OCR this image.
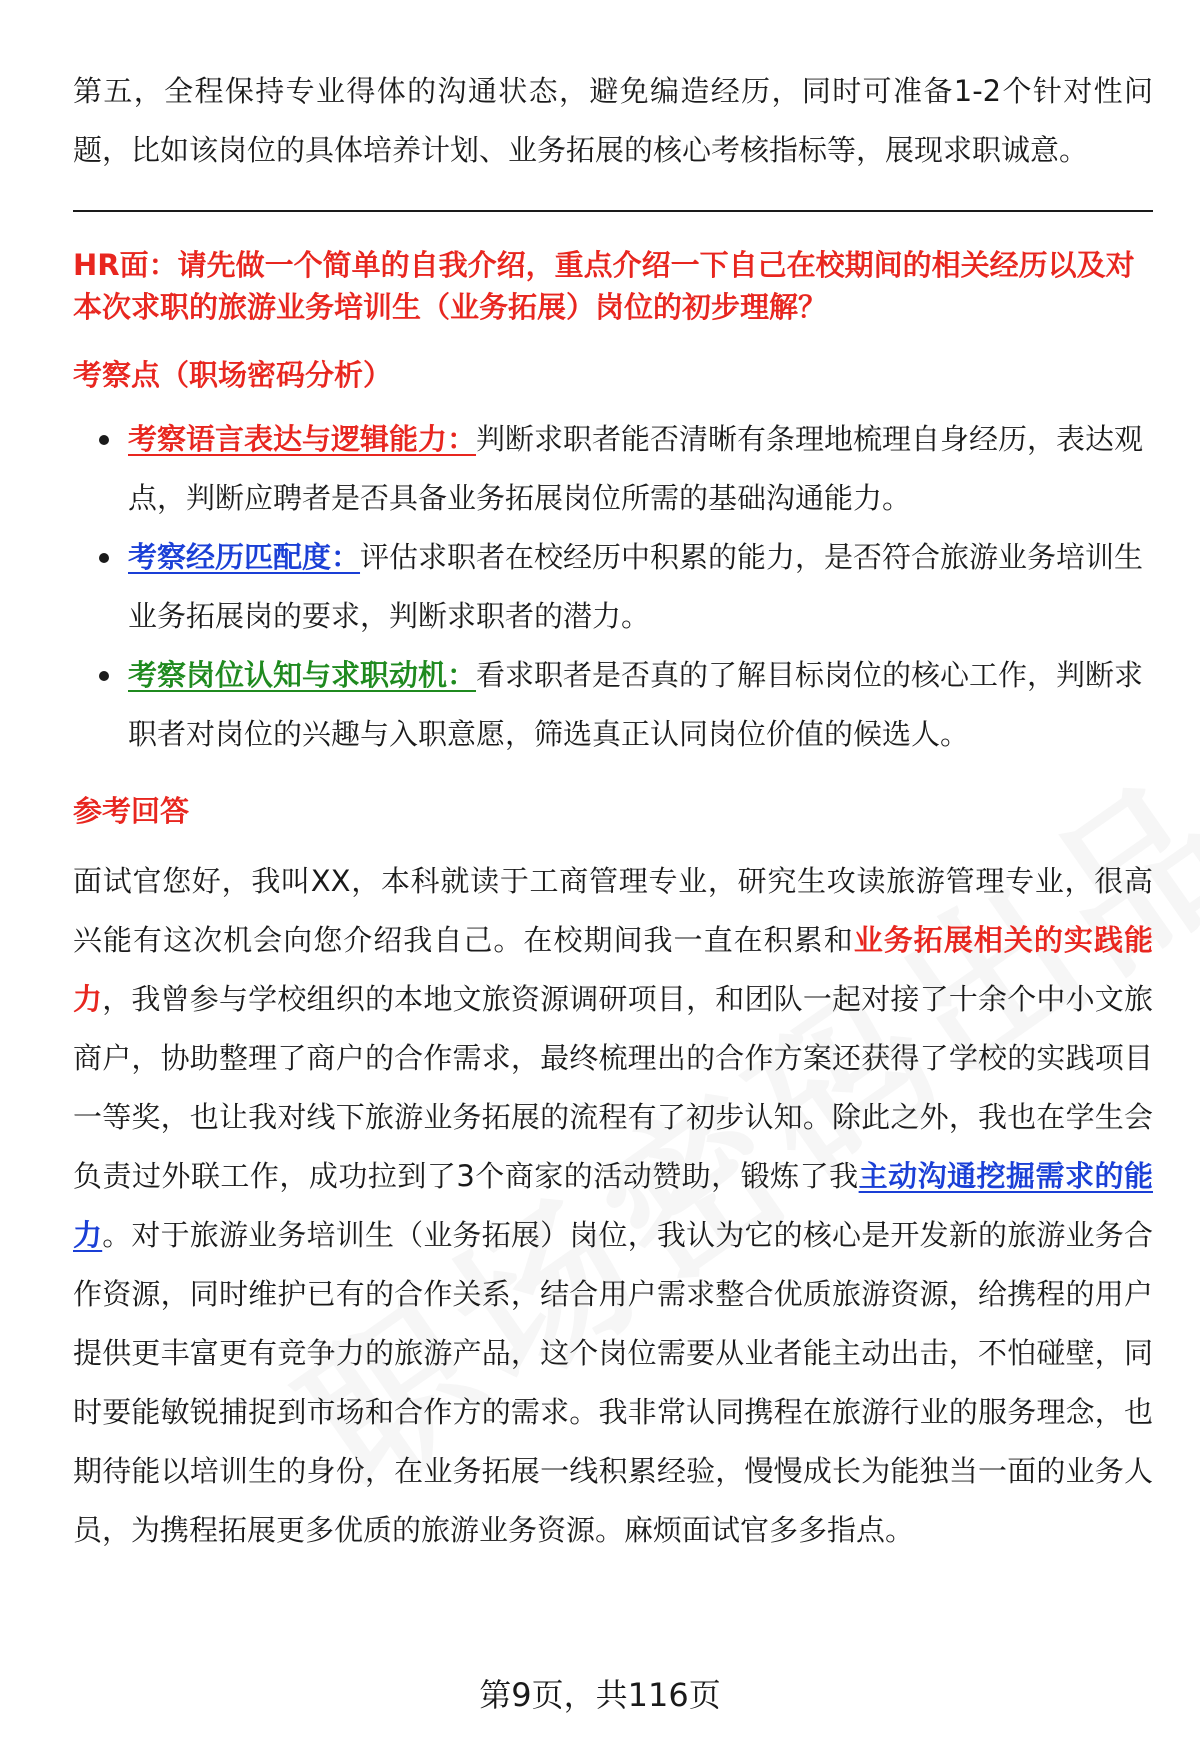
第五，全程保持专业得体的沟通状态，避免编造经历，同时可准备1-2个针对性问题，比如该岗位的具体培养计划、业务拓展的核心考核指标等，展现求职诚意。

HR面：请先做一个简单的自我介绍，重点介绍一下自己在校期间的相关经历以及对本次求职的旅游业务培训生（业务拓展）岗位的初步理解？

考察点（职场密码分析）
考察语言表达与逻辑能力：判断求职者能否清晰有条理地梳理自身经历，表达观点，判断应聘者是否具备业务拓展岗位所需的基础沟通能力。
考察经历匹配度：评估求职者在校经历中积累的能力，是否符合旅游业务培训生业务拓展岗的要求，判断求职者的潜力。
考察岗位认知与求职动机：看求职者是否真的了解目标岗位的核心工作，判断求职者对岗位的兴趣与入职意愿，筛选真正认同岗位价值的候选人。
参考回答

面试官您好，我叫XX，本科就读于工商管理专业，研究生攻读旅游管理专业，很高兴能有这次机会向您介绍我自己。在校期间我一直在积累和业务拓展相关的实践能力，我曾参与学校组织的本地文旅资源调研项目，和团队一起对接了十余个中小文旅商户，协助整理了商户的合作需求，最终梳理出的合作方案还获得了学校的实践项目一等奖，也让我对线下旅游业务拓展的流程有了初步认知。除此之外，我也在学生会负责过外联工作，成功拉到了3个商家的活动赞助，锻炼了我主动沟通挖掘需求的能力。对于旅游业务培训生（业务拓展）岗位，我认为它的核心是开发新的旅游业务合作资源，同时维护已有的合作关系，结合用户需求整合优质旅游资源，给携程的用户提供更丰富更有竞争力的旅游产品，这个岗位需要从业者能主动出击，不怕碰壁，同时要能敏锐捕捉到市场和合作方的需求。我非常认同携程在旅游行业的服务理念，也期待能以培训生的身份，在业务拓展一线积累经验，慢慢成长为能独当一面的业务人员，为携程拓展更多优质的旅游业务资源。麻烦面试官多多指点。

第9页，共116页
